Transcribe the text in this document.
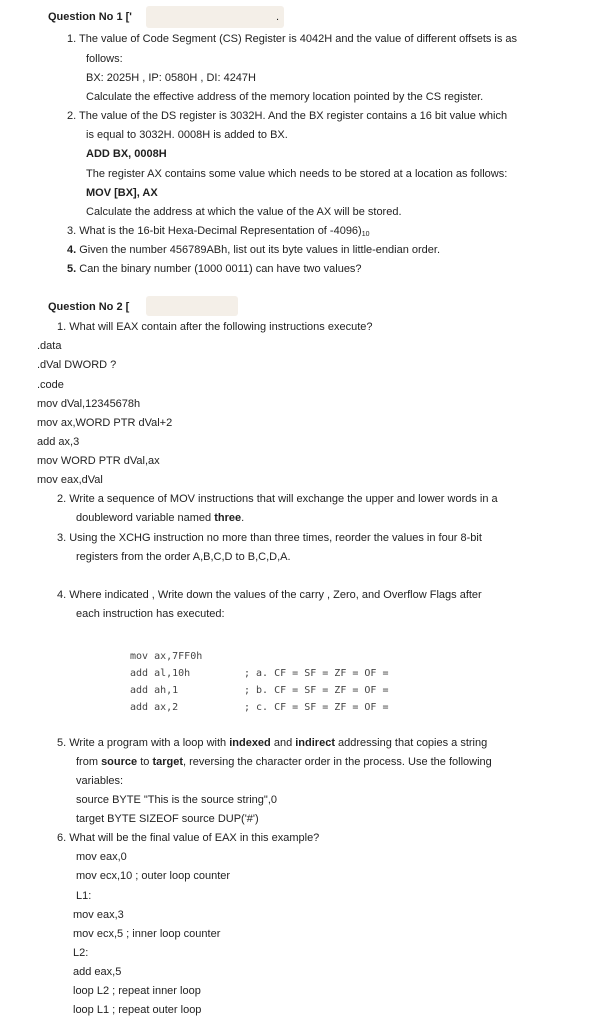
Question No 1 ['	.
1. The value of Code Segment (CS) Register is 4042H and the value of different offsets is as
follows:
BX: 2025H , IP: 0580H , DI: 4247H
Calculate the effective address of the memory location pointed by the CS register.
2. The value of the DS register is 3032H. And the BX register contains a 16 bit value which
is equal to 3032H. 0008H is added to BX.
ADD BX, 0008H
The register AX contains some value which needs to be stored at a location as follows:
MOV [BX], AX
Calculate the address at which the value of the AX will be stored.
3. What is the 16-bit Hexa-Decimal Representation of $-4096)_{10}$
4. Given the number 456789ABh, list out its byte values in little-endian order.
5. Can the binary number (1000 0011) can have two values?
Question No 2 [
1. What will EAX contain after the following instructions execute?
.data
.dVal DWORD ?
.code
mov dVal,12345678h
mov ax,WORD PTR dVal+2
add ax,3
mov WORD PTR dVal,ax
mov eax,dVal
2. Write a sequence of MOV instructions that will exchange the upper and lower words in a
doubleword variable named three.
3. Using the XCHG instruction no more than three times, reorder the values in four 8-bit
registers from the order A,B,C,D to B,C,D,A.
4. Where indicated , Write down the values of the carry , Zero, and Overflow Flags after
each instruction has executed:
mov ax,7FF0h
add al,10h	; a. CF = SF = ZF = OF =
add ah,1	; b. CF = SF = ZF = OF =
add ax,2	; c. CF = SF = ZF = OF =
5. Write a program with a loop with indexed and indirect addressing that copies a string
from source to target, reversing the character order in the process. Use the following
variables:
source BYTE "This is the source string",0
target BYTE SIZEOF source DUP('#')
6. What will be the final value of EAX in this example?
mov eax,0
mov ecx,10 ; outer loop counter
L1:
mov eax,3
mov ecx,5 ; inner loop counter
L2:
add eax,5
loop L2 ; repeat inner loop
loop L1 ; repeat outer loop
